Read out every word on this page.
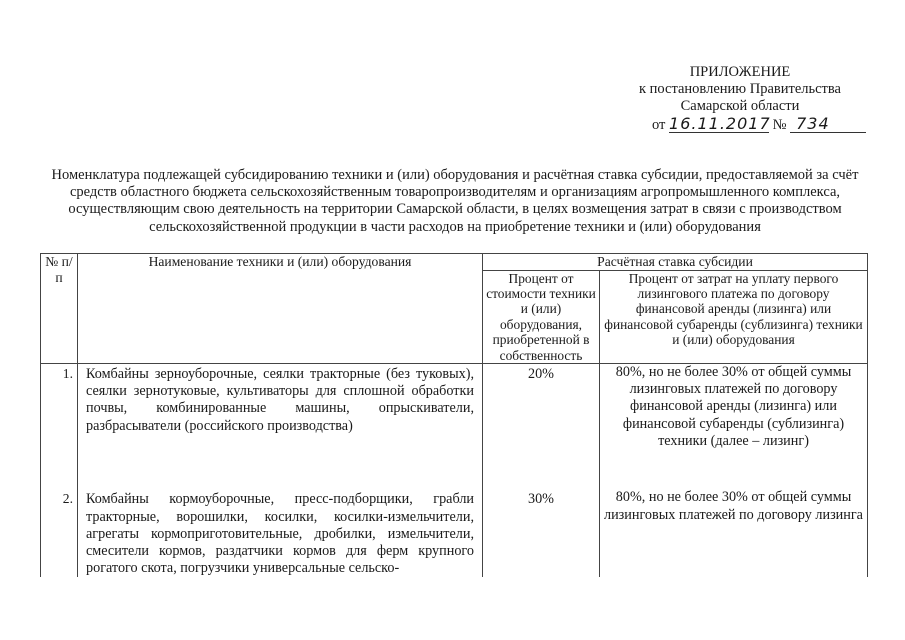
ПРИЛОЖЕНИЕ
к постановлению Правительства
Самарской области
от 16.11.2017 № 734
Номенклатура подлежащей субсидированию техники и (или) оборудования и расчётная ставка субсидии, предоставляемой за счёт средств областного бюджета сельскохозяйственным товаропроизводителям и организациям агропромышленного комплекса, осуществляющим свою деятельность на территории Самарской области, в целях возмещения затрат в связи с производством сельскохозяйственной продукции в части расходов на приобретение техники и (или) оборудования
№ п/п	Наименование техники и (или) оборудования	Расчётная ставка субсидии	
		Процент от стоимости техники и (или) оборудования, приобретенной в собственность	Процент от затрат на уплату первого лизингового платежа по договору финансовой аренды (лизинга) или финансовой субаренды (сублизинга) техники и (или) оборудования
1.	Комбайны зерноуборочные, сеялки тракторные (без туковых), сеялки зернотуковые, культиваторы для сплошной обработки почвы, комбинированные машины, опрыскиватели, разбрасыватели (российского производства)	20%	80%, но не более 30% от общей суммы лизинговых платежей по договору финансовой аренды (лизинга) или финансовой субаренды (сублизинга) техники (далее – лизинг)
2.	Комбайны кормоуборочные, пресс-подборщики, грабли тракторные, ворошилки, косилки, косилки-измельчители, агрегаты кормоприготовительные, дробилки, измельчители, смесители кормов, раздатчики кормов для ферм крупного рогатого скота, погрузчики универсальные сельско-	30%	80%, но не более 30% от общей суммы лизинговых платежей по договору лизинга
